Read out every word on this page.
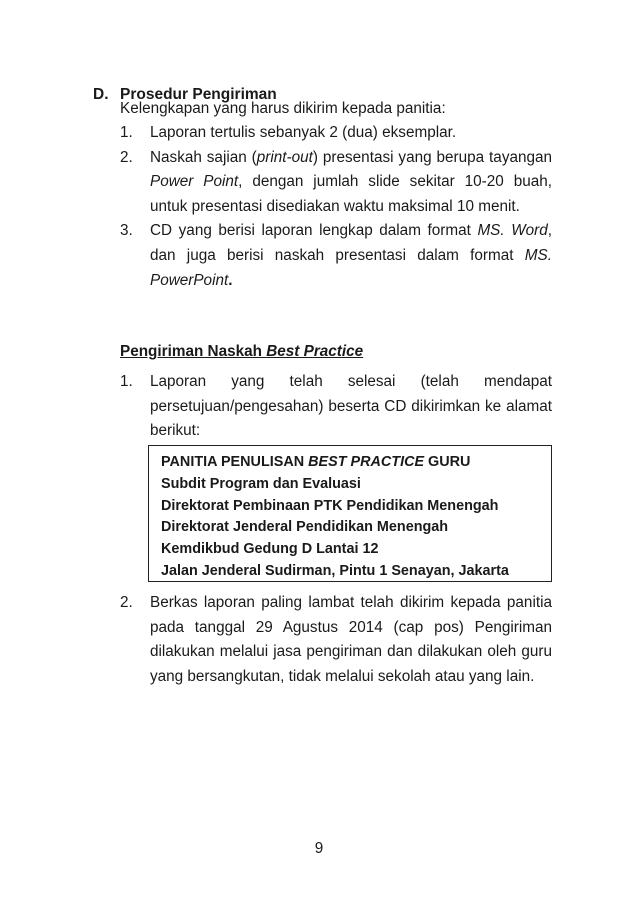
D. Prosedur Pengiriman
Kelengkapan yang harus dikirim kepada panitia:
1. Laporan tertulis sebanyak 2 (dua) eksemplar.
2. Naskah sajian (print-out) presentasi yang berupa tayangan Power Point, dengan jumlah slide sekitar 10-20 buah, untuk presentasi disediakan waktu maksimal 10 menit.
3. CD yang berisi laporan lengkap dalam format MS. Word, dan juga berisi naskah presentasi dalam format MS. PowerPoint.
Pengiriman Naskah Best Practice
1. Laporan yang telah selesai (telah mendapat persetujuan/pengesahan) beserta CD dikirimkan ke alamat berikut:
PANITIA PENULISAN BEST PRACTICE GURU
Subdit Program dan Evaluasi
Direktorat Pembinaan PTK Pendidikan Menengah
Direktorat Jenderal Pendidikan Menengah
Kemdikbud Gedung D Lantai 12
Jalan Jenderal Sudirman, Pintu 1 Senayan, Jakarta
2. Berkas laporan paling lambat telah dikirim kepada panitia pada tanggal 29 Agustus 2014 (cap pos) Pengiriman dilakukan melalui jasa pengiriman dan dilakukan oleh guru yang bersangkutan, tidak melalui sekolah atau yang lain.
9
